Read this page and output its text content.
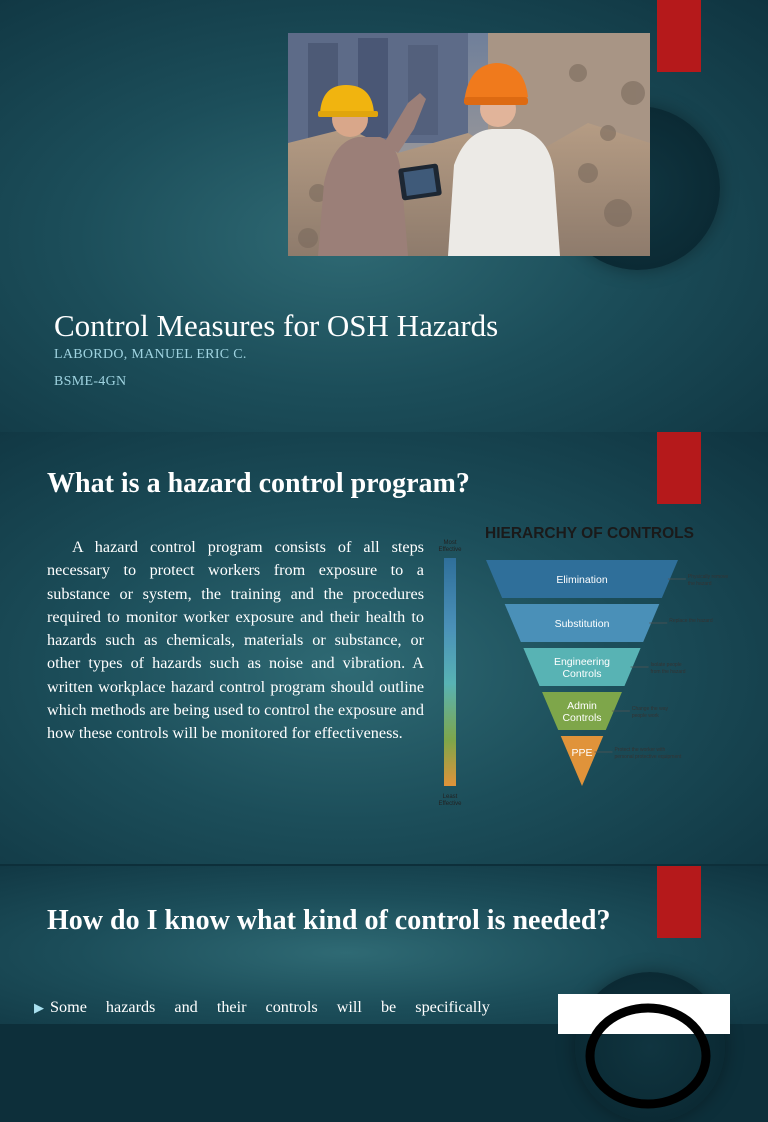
Control Measures for OSH Hazards

LABORDO, MANUEL ERIC C.

BSME-4GN

What is a hazard control program?

A hazard control program consists of all steps necessary to protect workers from exposure to a substance or system, the training and the procedures required to monitor worker exposure and their health to hazards such as chemicals, materials or substance, or other types of hazards such as noise and vibration. A written workplace hazard control program should outline which methods are being used to control the exposure and how these controls will be monitored for effectiveness.

HIERARCHY OF CONTROLS
Most
Effective
Least
Effective
Elimination	Physically remove
the hazard
Substitution	Replace the hazard
Engineering
Controls
Isolate people
from the hazard
Admin
Controls
Change the way
people work
PPE	Protect the worker with
personal protective equipment
How do I know what kind of control is needed?
▶ Some hazards and their controls will be specifically
